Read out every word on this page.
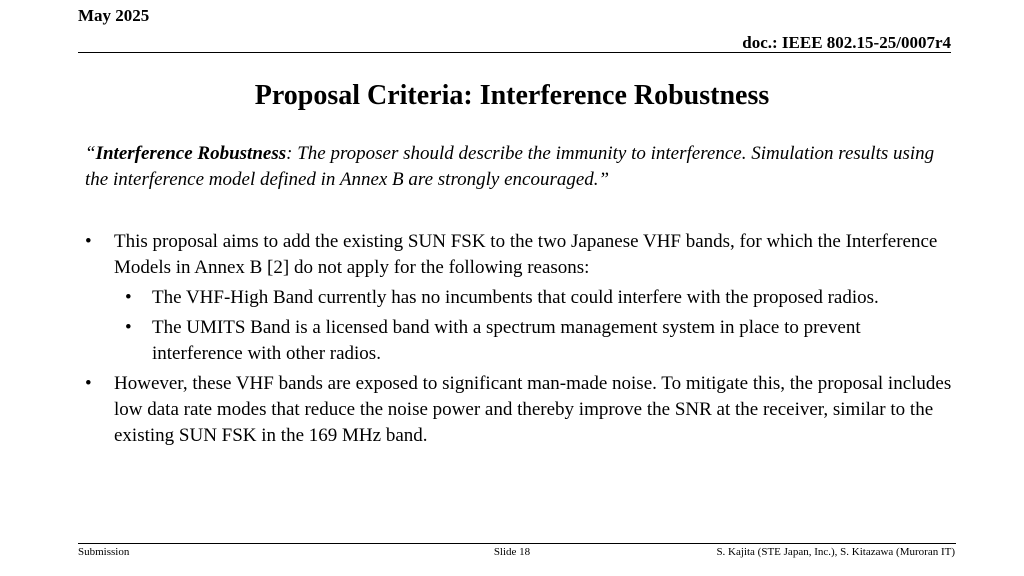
May 2025
doc.: IEEE 802.15-25/0007r4
Proposal Criteria: Interference Robustness
“Interference Robustness: The proposer should describe the immunity to interference. Simulation results using the interference model defined in Annex B are strongly encouraged.”
• This proposal aims to add the existing SUN FSK to the two Japanese VHF bands, for which the Interference Models in Annex B [2] do not apply for the following reasons:
• The VHF-High Band currently has no incumbents that could interfere with the proposed radios.
• The UMITS Band is a licensed band with a spectrum management system in place to prevent interference with other radios.
• However, these VHF bands are exposed to significant man-made noise. To mitigate this, the proposal includes low data rate modes that reduce the noise power and thereby improve the SNR at the receiver, similar to the existing SUN FSK in the 169 MHz band.
Submission	Slide 18	S. Kajita (STE Japan, Inc.), S. Kitazawa (Muroran IT)
